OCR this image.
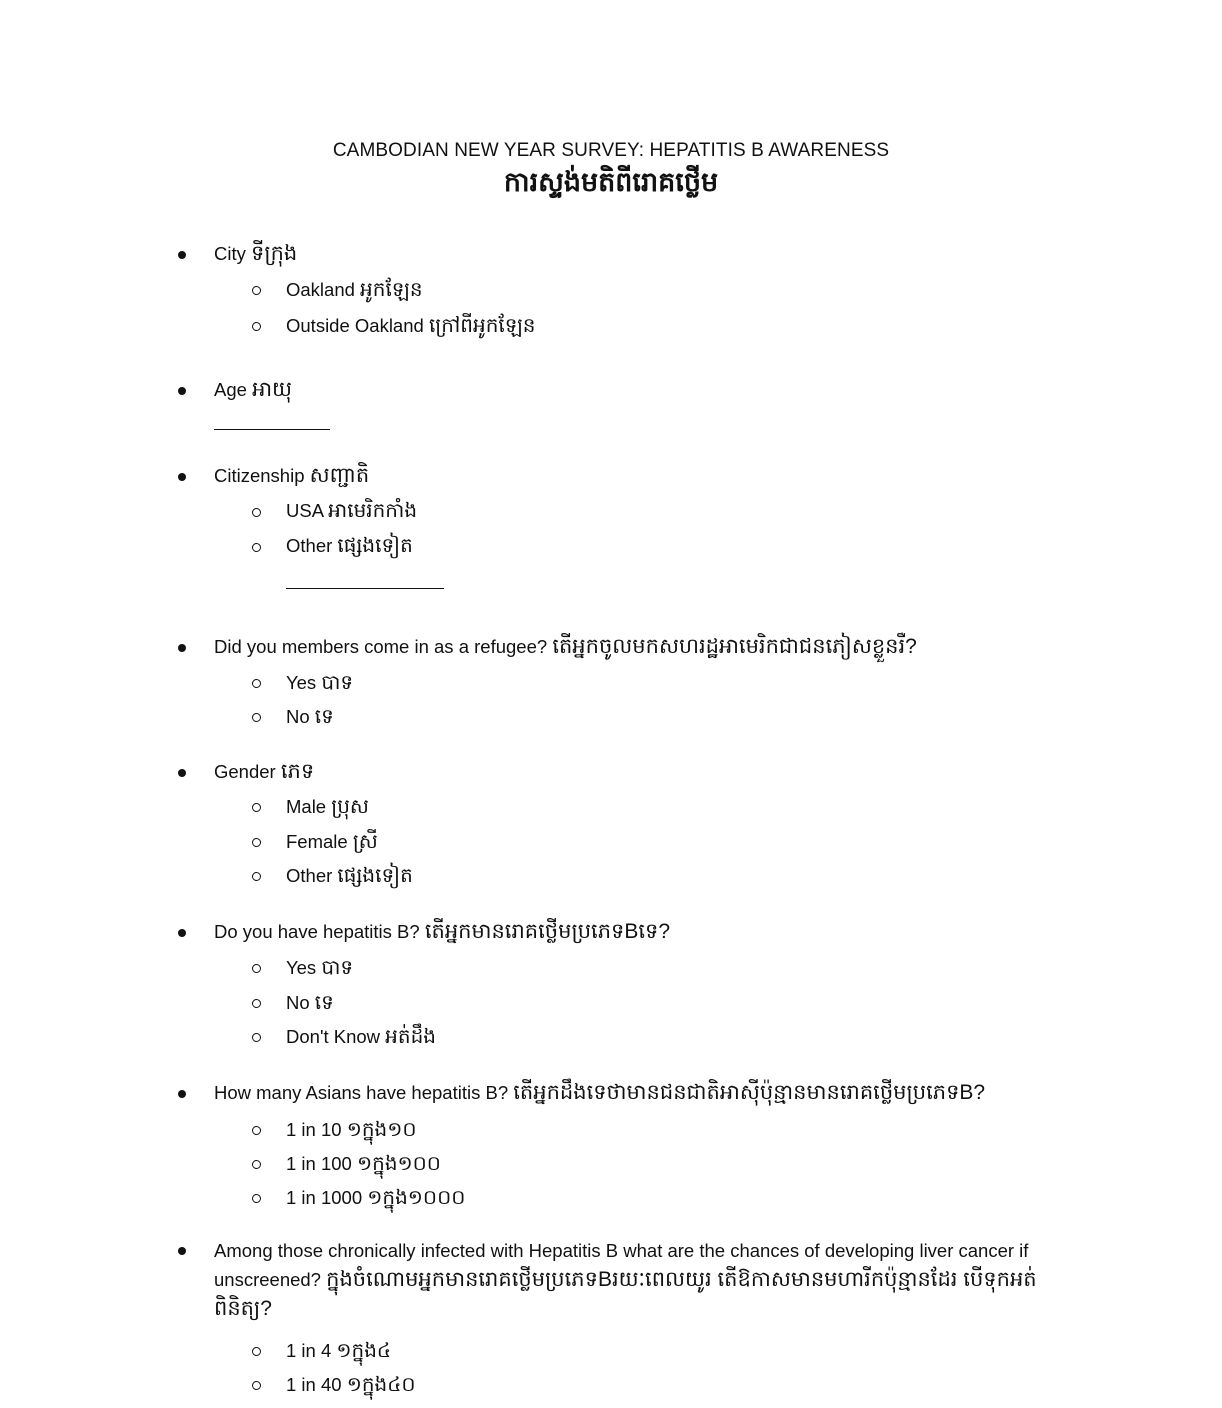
CAMBODIAN NEW YEAR SURVEY: HEPATITIS B AWARENESS
ការស្ទង់មតិពីរោគថ្លើម
City ទីក្រុង
Oakland អូកឡែន
Outside Oakland ក្រៅពីអូកឡែន
Age អាយុ
Citizenship សញ្ជាតិ
USA អាមេរិកកាំង
Other ផ្សេងទៀត
Did you members come in as a refugee? តើអ្នកចូលមកសហរដ្ឋអាមេរិកជាជនភៀសខ្លួនរឺ?
Yes បាទ
No ទេ
Gender ភេទ
Male ប្រុស
Female ស្រី
Other ផ្សេងទៀត
Do you have hepatitis B? តើអ្នកមានរោគថ្លើមប្រភេទBទេ?
Yes បាទ
No ទេ
Don't Know អត់ដឹង
How many Asians have hepatitis B? តើអ្នកដឹងទេថាមានជនជាតិអាស៊ីប៉ុន្មានមានរោគថ្លើមប្រភេទB?
1 in 10 ១ក្នុង១០
1 in 100 ១ក្នុង១០០
1 in 1000 ១ក្នុង១០០០
Among those chronically infected with Hepatitis B what are the chances of developing liver cancer if unscreened? ក្នុងចំណោមអ្នកមានរោគថ្លើមប្រភេទBរយៈពេលយូរ តើឱកាសមានមហារីកប៉ុន្មានដែរ បើទុកអត់ពិនិត្យ?
1 in 4 ១ក្នុង៤
1 in 40 ១ក្នុង៤០
